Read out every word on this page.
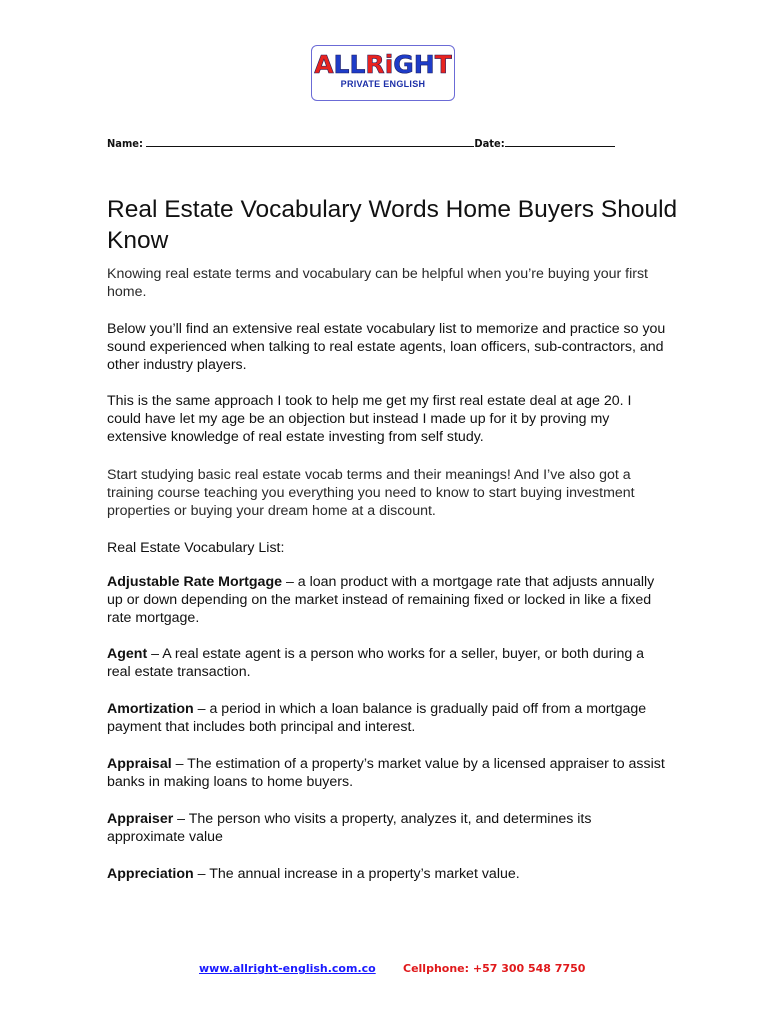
ALLRiGHT
PRIVATE ENGLISH
Name:	Date:
Real Estate Vocabulary Words Home Buyers Should Know

Knowing real estate terms and vocabulary can be helpful when you’re buying your first home.

Below you’ll find an extensive real estate vocabulary list to memorize and practice so you sound experienced when talking to real estate agents, loan officers, sub-contractors, and other industry players.

This is the same approach I took to help me get my first real estate deal at age 20. I could have let my age be an objection but instead I made up for it by proving my extensive knowledge of real estate investing from self study.

Start studying basic real estate vocab terms and their meanings! And I’ve also got a training course teaching you everything you need to know to start buying investment properties or buying your dream home at a discount.

Real Estate Vocabulary List:

Adjustable Rate Mortgage – a loan product with a mortgage rate that adjusts annually up or down depending on the market instead of remaining fixed or locked in like a fixed rate mortgage.

Agent – A real estate agent is a person who works for a seller, buyer, or both during a real estate transaction.

Amortization – a period in which a loan balance is gradually paid off from a mortgage payment that includes both principal and interest.

Appraisal – The estimation of a property’s market value by a licensed appraiser to assist banks in making loans to home buyers.

Appraiser – The person who visits a property, analyzes it, and determines its approximate value

Appreciation – The annual increase in a property’s market value.

www.allright-english.com.co Cellphone: +57 300 548 7750
